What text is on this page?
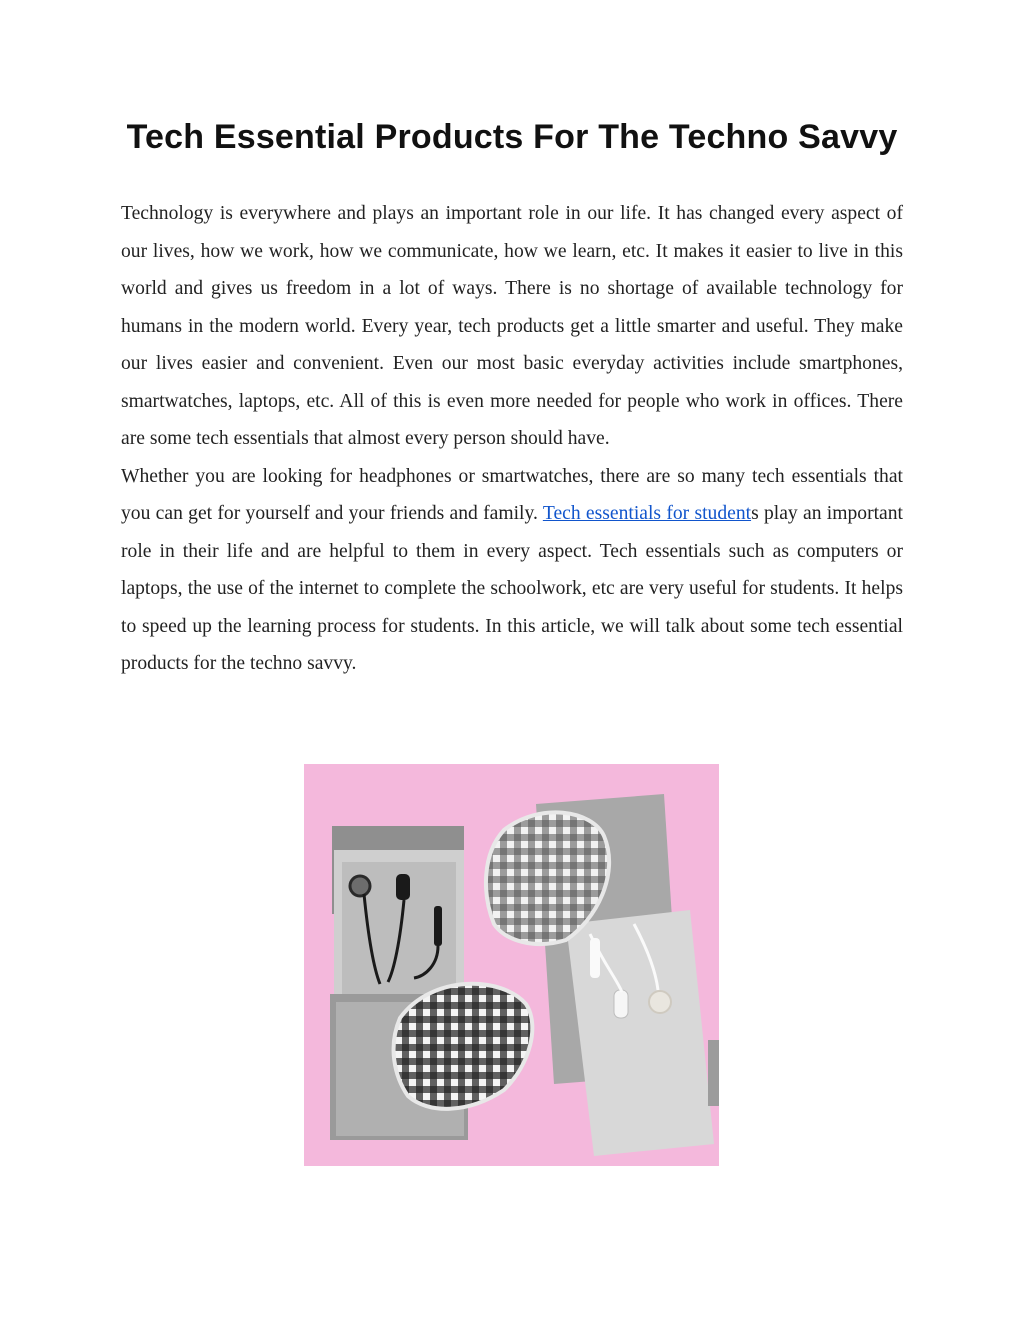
Tech Essential Products For The Techno Savvy

Technology is everywhere and plays an important role in our life. It has changed every aspect of our lives, how we work, how we communicate, how we learn, etc. It makes it easier to live in this world and gives us freedom in a lot of ways. There is no shortage of available technology for humans in the modern world. Every year, tech products get a little smarter and useful. They make our lives easier and convenient. Even our most basic everyday activities include smartphones, smartwatches, laptops, etc. All of this is even more needed for people who work in offices. There are some tech essentials that almost every person should have.

Whether you are looking for headphones or smartwatches, there are so many tech essentials that you can get for yourself and your friends and family. Tech essentials for students play an important role in their life and are helpful to them in every aspect. Tech essentials such as computers or laptops, the use of the internet to complete the schoolwork, etc are very useful for students. It helps to speed up the learning process for students. In this article, we will talk about some tech essential products for the techno savvy.
